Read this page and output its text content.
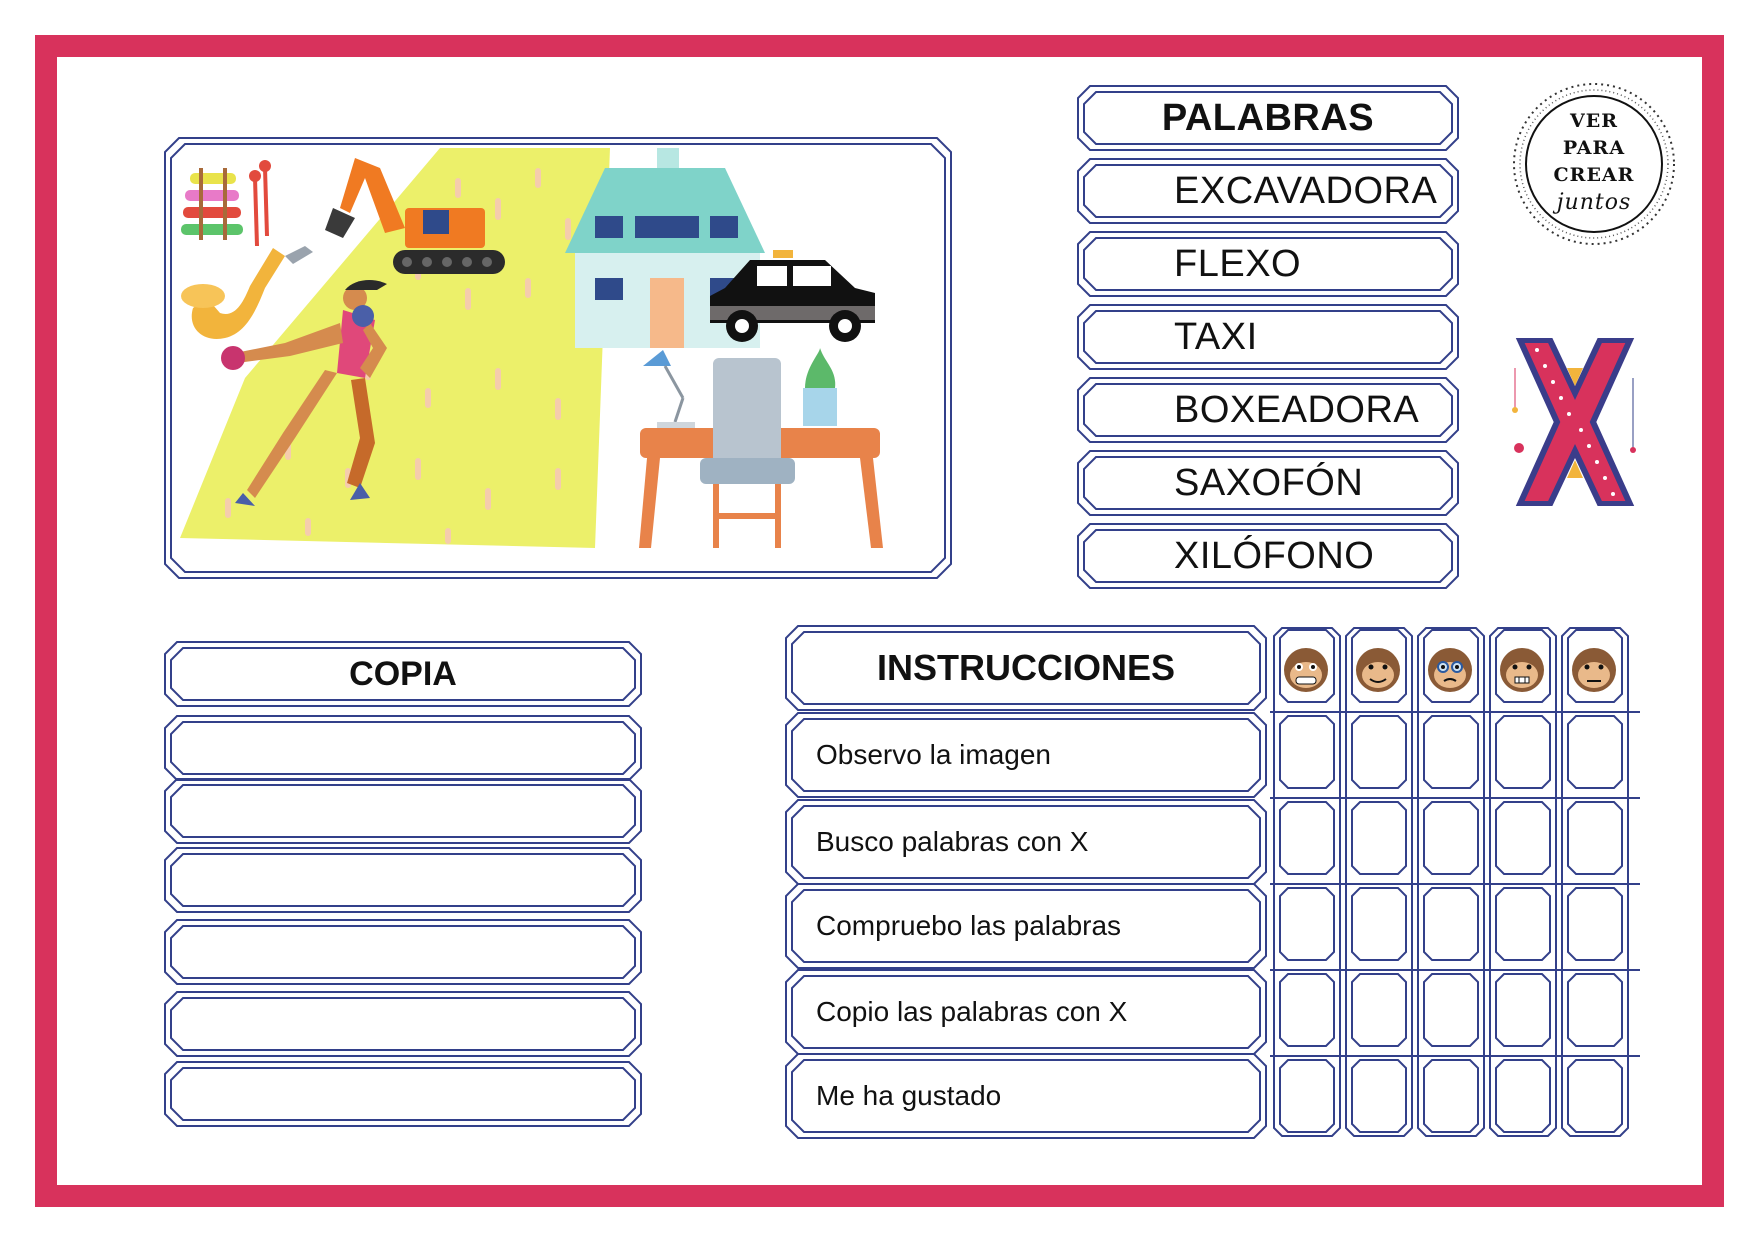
PALABRAS
EXCAVADORA
FLEXO
TAXI
BOXEADORA
SAXOFÓN
XILÓFONO
VER
PARA
CREAR
juntos
COPIA	INSTRUCCIONES
Observo la imagen
Busco palabras con X
Compruebo las palabras
Copio las palabras con X
Me ha gustado
